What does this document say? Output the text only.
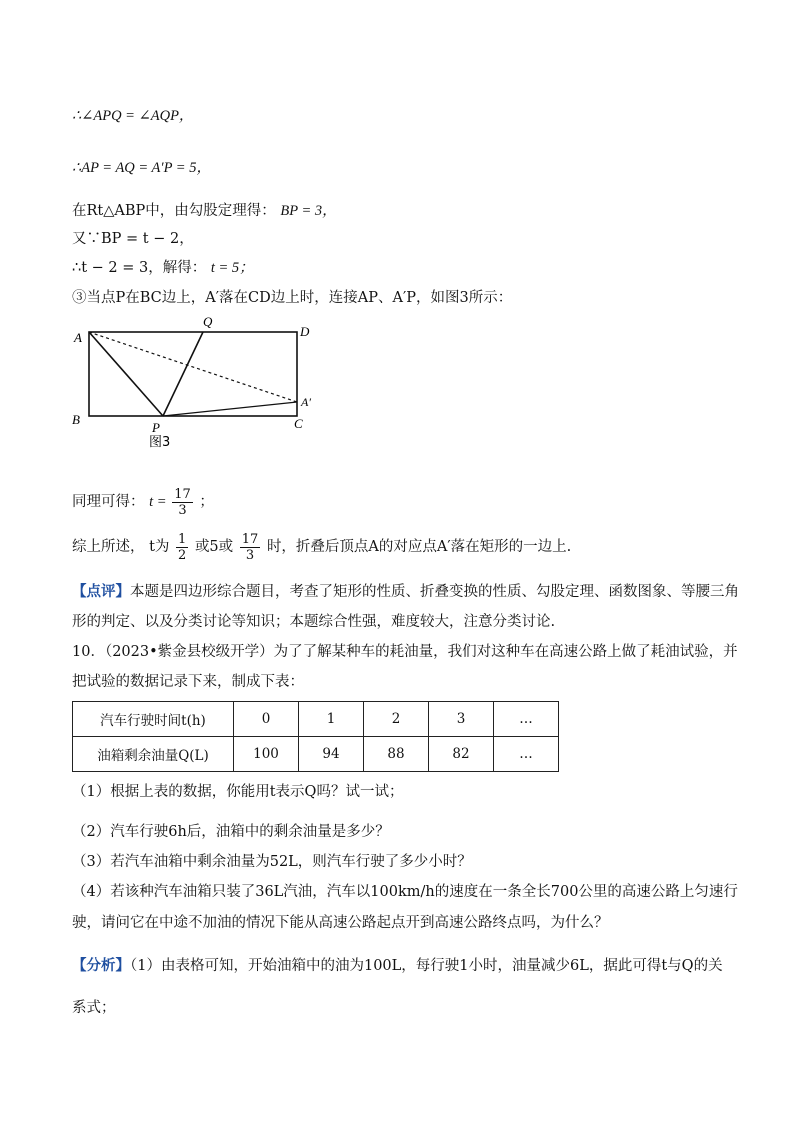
∴∠APQ = ∠AQP，
∴AP = AQ = A′P = 5，
在Rt△ABP中，由勾股定理得： BP = 3，
又∵BP = t − 2，
∴t − 2 = 3，解得： t = 5；
③当点P在BC边上，A′落在CD边上时，连接AP、A′P，如图3所示：
A
B	C
D
Q
P
A′
图3
同理可得： $t = \frac{17}{3}$ ；
综上所述， t为 $\frac{1}{2}$ 或5或 $\frac{17}{3}$ 时，折叠后顶点A的对应点A′落在矩形的一边上.
【点评】本题是四边形综合题目，考查了矩形的性质、折叠变换的性质、勾股定理、函数图象、等腰三角
形的判定、以及分类讨论等知识；本题综合性强，难度较大，注意分类讨论.
10．（2023•紫金县校级开学）为了了解某种车的耗油量，我们对这种车在高速公路上做了耗油试验，并
把试验的数据记录下来，制成下表：
汽车行驶时间t(h)	0	1	2	3	…
油箱剩余油量Q(L)	100	94	88	82	…
（1）根据上表的数据，你能用t表示Q吗？试一试；
（2）汽车行驶6h后，油箱中的剩余油量是多少？
（3）若汽车油箱中剩余油量为52L，则汽车行驶了多少小时？
（4）若该种汽车油箱只装了36L汽油，汽车以100km/h的速度在一条全长700公里的高速公路上匀速行
驶，请问它在中途不加油的情况下能从高速公路起点开到高速公路终点吗，为什么？
【分析】（1）由表格可知，开始油箱中的油为100L，每行驶1小时，油量减少6L，据此可得t与Q的关
系式；
